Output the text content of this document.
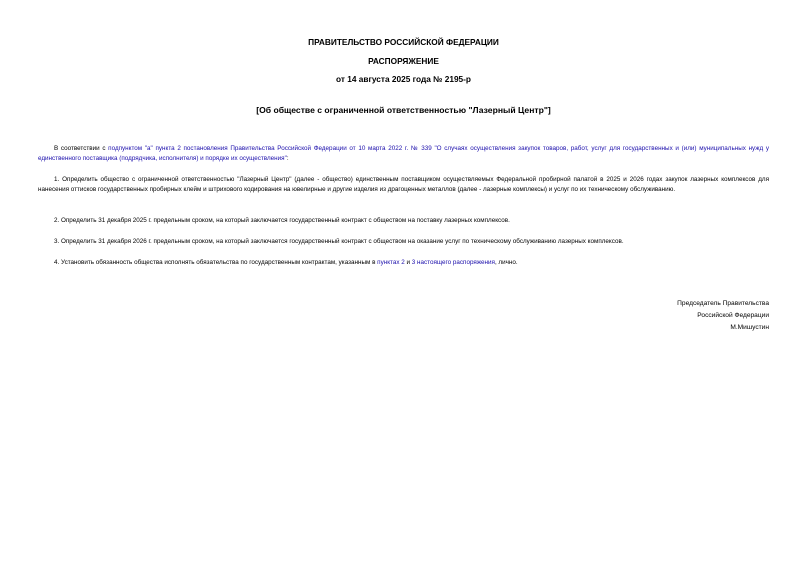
ПРАВИТЕЛЬСТВО РОССИЙСКОЙ ФЕДЕРАЦИИ
РАСПОРЯЖЕНИЕ
от 14 августа 2025 года № 2195-р
[Об обществе с ограниченной ответственностью "Лазерный Центр"]
В соответствии с подпунктом "а" пункта 2 постановления Правительства Российской Федерации от 10 марта 2022 г. № 339 "О случаях осуществления закупок товаров, работ, услуг для государственных и (или) муниципальных нужд у единственного поставщика (подрядчика, исполнителя) и порядке их осуществления":
1. Определить общество с ограниченной ответственностью "Лазерный Центр" (далее - общество) единственным поставщиком осуществляемых Федеральной пробирной палатой в 2025 и 2026 годах закупок лазерных комплексов для нанесения оттисков государственных пробирных клейм и штрихового кодирования на ювелирные и другие изделия из драгоценных металлов (далее - лазерные комплексы) и услуг по их техническому обслуживанию.
2. Определить 31 декабря 2025 г. предельным сроком, на который заключается государственный контракт с обществом на поставку лазерных комплексов.
3. Определить 31 декабря 2026 г. предельным сроком, на который заключается государственный контракт с обществом на оказание услуг по техническому обслуживанию лазерных комплексов.
4. Установить обязанность общества исполнять обязательства по государственным контрактам, указанным в пунктах 2 и 3 настоящего распоряжения, лично.
Председатель Правительства
Российской Федерации
М.Мишустин
